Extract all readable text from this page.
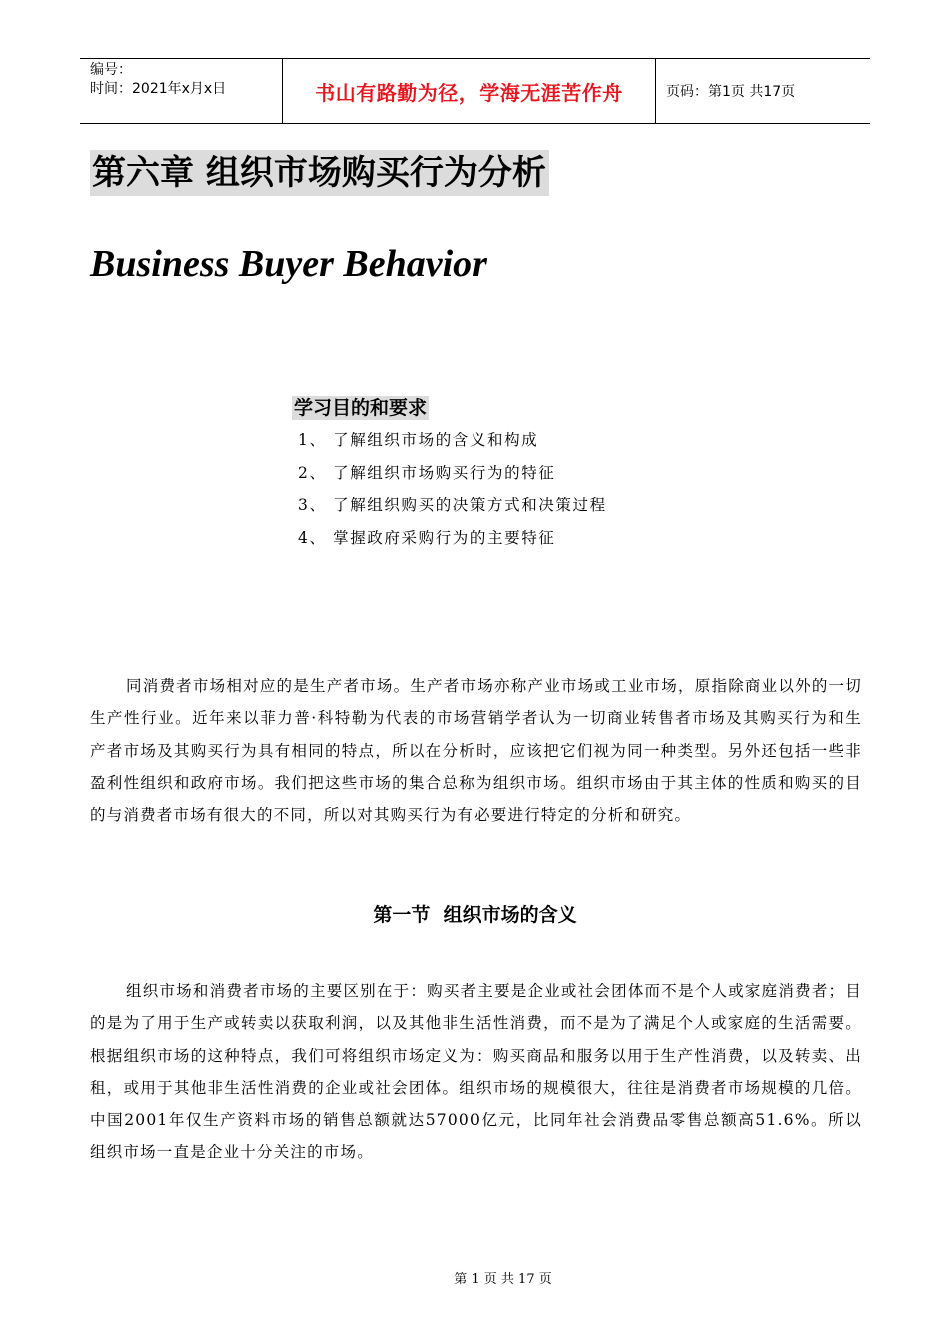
编号：
时间：2021年x月x日	书山有路勤为径，学海无涯苦作舟	页码：第1页 共17页
第六章 组织市场购买行为分析
Business Buyer Behavior
学习目的和要求
1、 了解组织市场的含义和构成
2、 了解组织市场购买行为的特征
3、 了解组织购买的决策方式和决策过程
4、 掌握政府采购行为的主要特征

同消费者市场相对应的是生产者市场。生产者市场亦称产业市场或工业市场，原指除商业以外的一切生产性行业。近年来以菲力普·科特勒为代表的市场营销学者认为一切商业转售者市场及其购买行为和生产者市场及其购买行为具有相同的特点，所以在分析时，应该把它们视为同一种类型。另外还包括一些非盈利性组织和政府市场。我们把这些市场的集合总称为组织市场。组织市场由于其主体的性质和购买的目的与消费者市场有很大的不同，所以对其购买行为有必要进行特定的分析和研究。

第一节  组织市场的含义

组织市场和消费者市场的主要区别在于：购买者主要是企业或社会团体而不是个人或家庭消费者；目的是为了用于生产或转卖以获取利润，以及其他非生活性消费，而不是为了满足个人或家庭的生活需要。根据组织市场的这种特点，我们可将组织市场定义为：购买商品和服务以用于生产性消费，以及转卖、出租，或用于其他非生活性消费的企业或社会团体。组织市场的规模很大，往往是消费者市场规模的几倍。中国2001年仅生产资料市场的销售总额就达57000亿元，比同年社会消费品零售总额高51.6%。所以组织市场一直是企业十分关注的市场。

第 1 页 共 17 页
